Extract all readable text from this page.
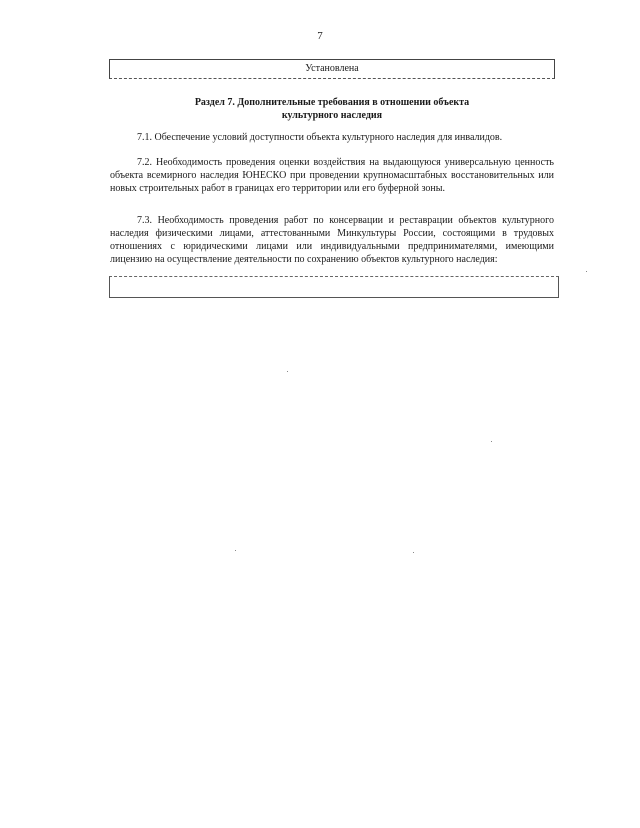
7
Установлена
Раздел 7. Дополнительные требования в отношении объекта
культурного наследия

7.1. Обеспечение условий доступности объекта культурного наследия для инвалидов.

7.2. Необходимость проведения оценки воздействия на выдающуюся универсальную ценность объекта всемирного наследия ЮНЕСКО при проведении крупномасштабных восстановительных или новых строительных работ в границах его территории или его буферной зоны.

7.3. Необходимость проведения работ по консервации и реставрации объектов культурного наследия физическими лицами, аттестованными Минкультуры России, состоящими в трудовых отношениях с юридическими лицами или индивидуальными предпринимателями, имеющими лицензию на осуществление деятельности по сохранению объектов культурного наследия:
